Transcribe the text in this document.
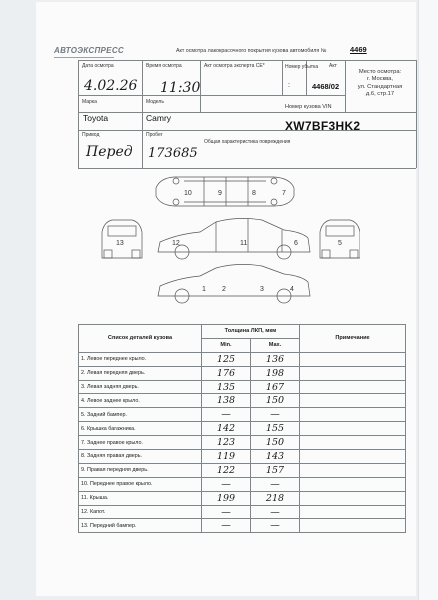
АВТОЭКСПРЕСС	Акт осмотра лакокрасочного покрытия кузова автомобиля №	4469
Дата осмотра
4.02.26
Время осмотра
11:30
Акт осмотра эксперта СЕ*	Номер убытка
:
Акт
4468/02
Место осмотра:
г. Москва,
ул. Стандартная
д.6, стр.17
Марка
Toyota
Модель
Camry
Номер кузова VIN
XW7BF3HK2
Привод
Перед
Пробег
173685
Общая характеристика повреждения
10	9	8	7
13	12	11	6	5
1 2	3	4
Список деталей кузова	Толщина ЛКП, мкм		Примечание
	Min.	Max.	
1. Левое переднее крыло.	125	136	
2. Левая передняя дверь.	176	198	
3. Левая задняя дверь.	135	167	
4. Левое заднее крыло.	138	150	
5. Задний бампер.	—	—	
6. Крышка багажника.	142	155	
7. Заднее правое крыло.	123	150	
8. Задняя правая дверь.	119	143	
9. Правая передняя дверь.	122	157	
10. Переднее правое крыло.	—	—	
11. Крыша.	199	218	
12. Капот.	—	—	
13. Передний бампер.	—	—	
